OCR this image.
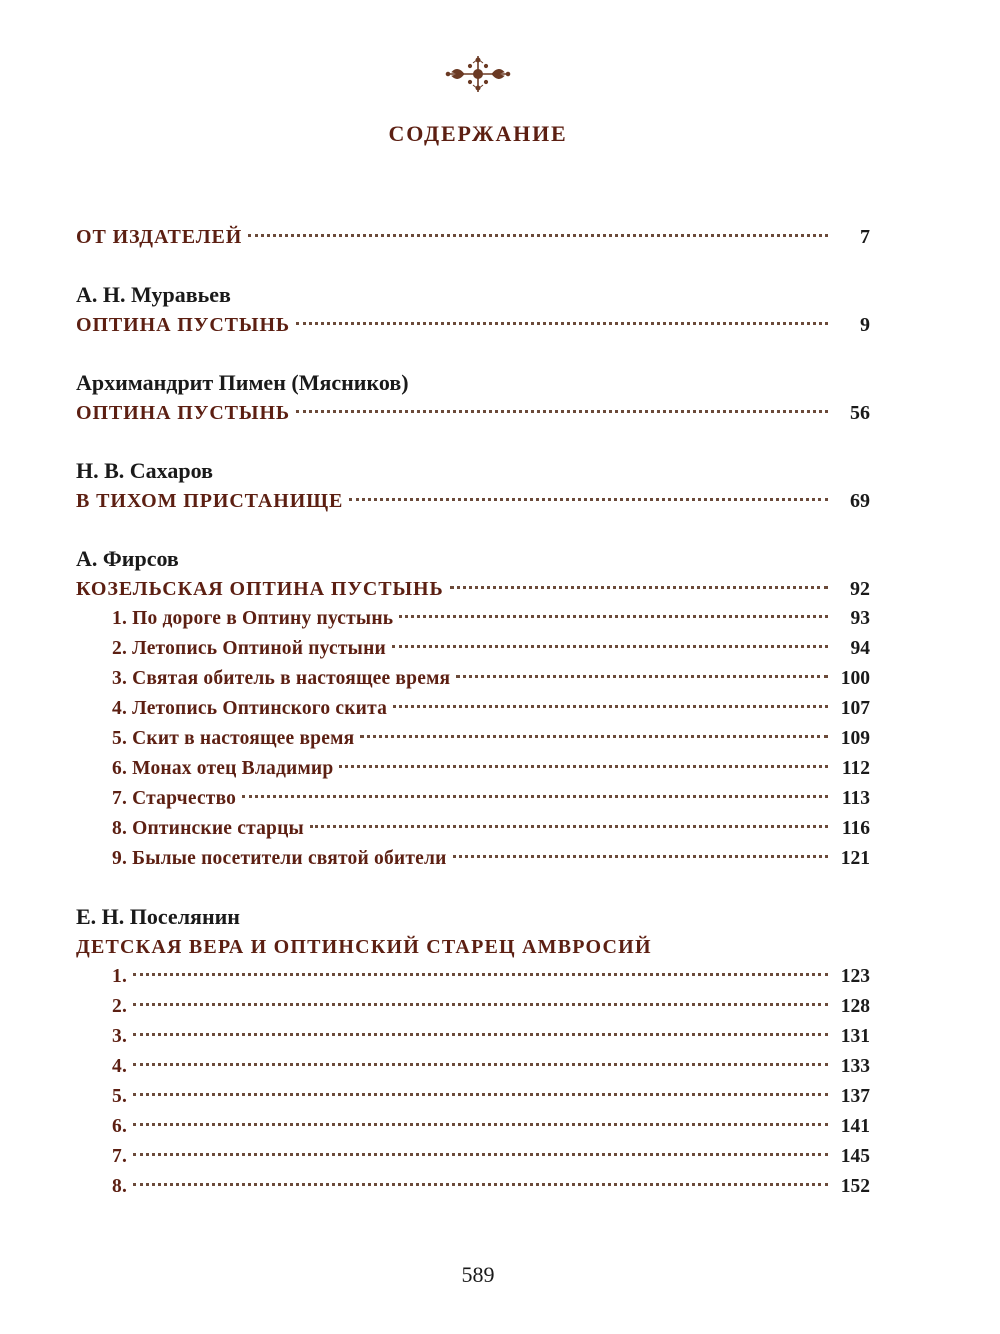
СОДЕРЖАНИЕ
ОТ ИЗДАТЕЛЕЙ	7
А. Н. Муравьев
ОПТИНА ПУСТЫНЬ	9
Архимандрит Пимен (Мясников)
ОПТИНА ПУСТЫНЬ	56
Н. В. Сахаров
В ТИХОМ ПРИСТАНИЩЕ	69
А. Фирсов
КОЗЕЛЬСКАЯ ОПТИНА ПУСТЫНЬ	92
1. По дороге в Оптину пустынь	93
2. Летопись Оптиной пустыни	94
3. Святая обитель в настоящее время	100
4. Летопись Оптинского скита	107
5. Скит в настоящее время	109
6. Монах отец Владимир	112
7. Старчество	113
8. Оптинские старцы	116
9. Былые посетители святой обители	121
Е. Н. Поселянин
ДЕТСКАЯ ВЕРА И ОПТИНСКИЙ СТАРЕЦ АМВРОСИЙ
1.	123
2.	128
3.	131
4.	133
5.	137
6.	141
7.	145
8.	152
589
